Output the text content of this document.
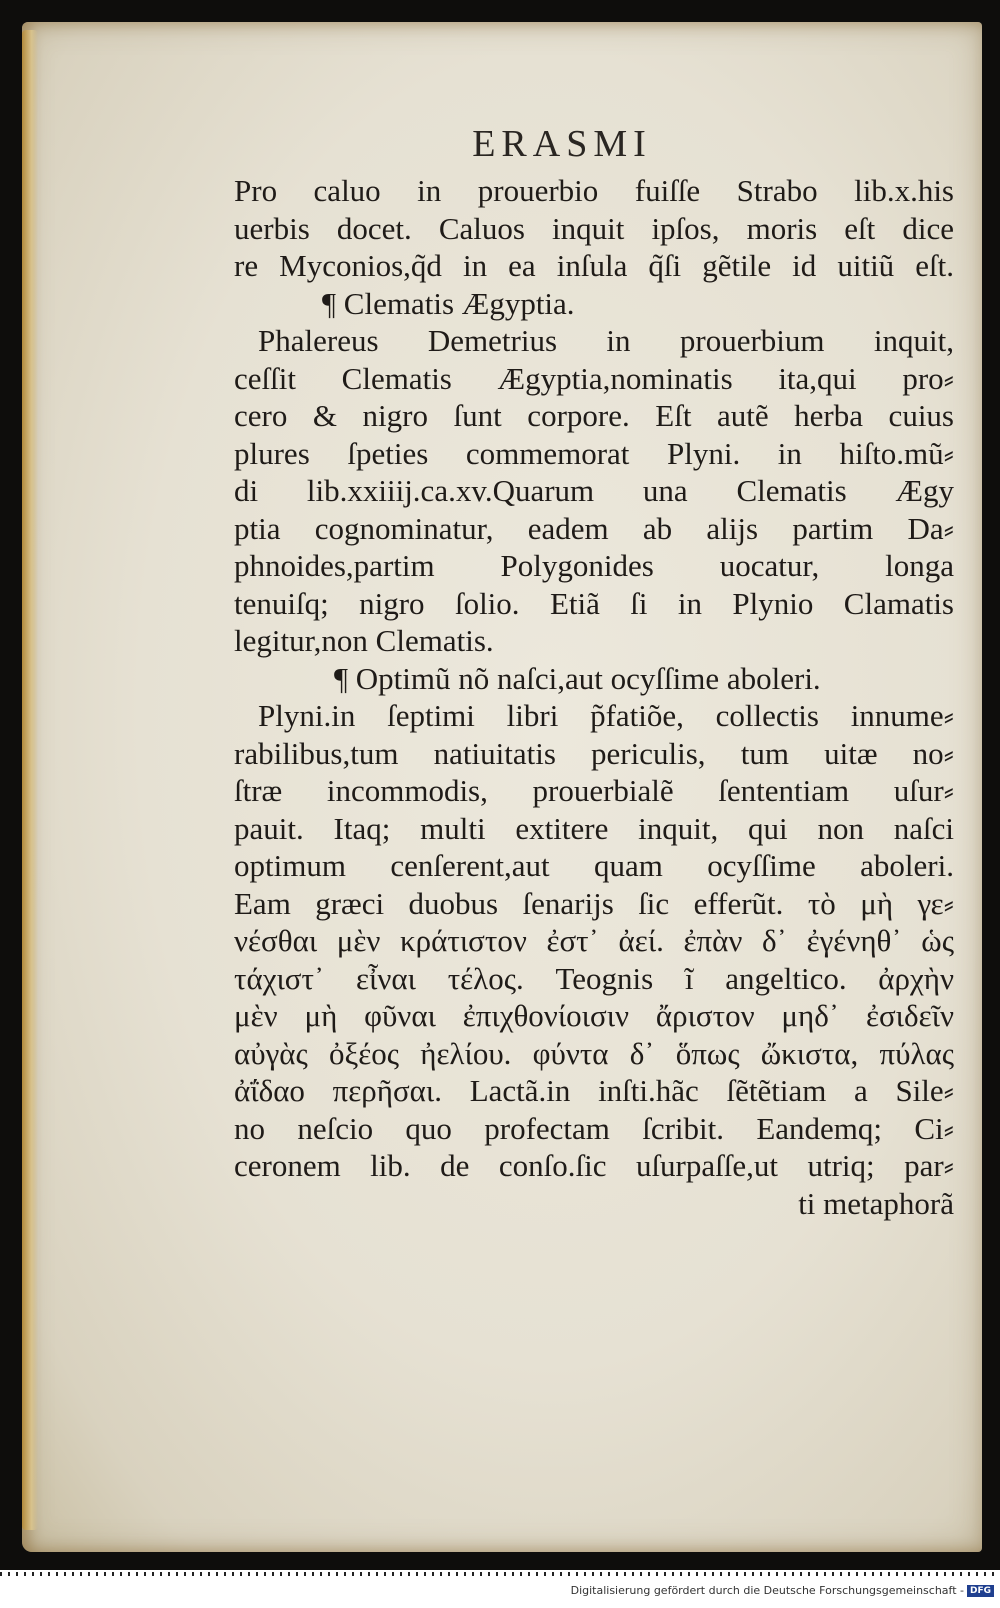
ERASMI
Pro caluo in prouerbio fuiſſe Strabo lib.x.his
uerbis docet. Caluos inquit ipſos, moris eſt dice
re Myconios,q̃d in ea inſula q̃ſi gẽtile id uitiũ eſt.
¶ Clematis Ægyptia.
Phalereus Demetrius in prouerbium inquit,
ceſſit Clematis Ægyptia,nominatis ita,qui pro⸗
cero & nigro ſunt corpore. Eſt autẽ herba cuius
plures ſpeties commemorat Plyni. in hiſto.mũ⸗
di lib.xxiiij.ca.xv.Quarum una Clematis Ægy
ptia cognominatur, eadem ab alijs partim Da⸗
phnoides,partim Polygonides uocatur, longa
tenuiſq; nigro ſolio. Etiã ſi in Plynio Clamatis
legitur,non Clematis.
¶ Optimũ nõ naſci,aut ocyſſime aboleri.
Plyni.in ſeptimi libri p̃fatiõe, collectis innume⸗
rabilibus,tum natiuitatis periculis, tum uitæ no⸗
ſtræ incommodis, prouerbialẽ ſententiam uſur⸗
pauit. Itaq; multi extitere inquit, qui non naſci
optimum cenſerent,aut quam ocyſſime aboleri.
Eam græci duobus ſenarijs ſic efferũt. τὸ μὴ γε⸗
νέσθαι μὲν κράτιστον ἐστ᾽ ἀεί. ἐπὰν δ᾽ ἐγένηθ᾽ ὡς
τάχιστ᾽ εἶναι τέλος. Teognis ĩ angeltico. ἀρχὴν
μὲν μὴ φῦναι ἐπιχθονίοισιν ἄριστον μηδ᾽ ἐσιδεῖν
αὐγὰς ὀξέος ἠελίου. φύντα δ᾽ ὅπως ὤκιστα, πύλας
ἀΐδαο περῆσαι. Lactã.in inſti.hãc ſẽtẽtiam a Sile⸗
no neſcio quo profectam ſcribit. Eandemq; Ci⸗
ceronem lib. de conſo.ſic uſurpaſſe,ut utriq; par⸗
ti metaphorã
Digitalisierung gefördert durch die Deutsche Forschungsgemeinschaft - DFG
